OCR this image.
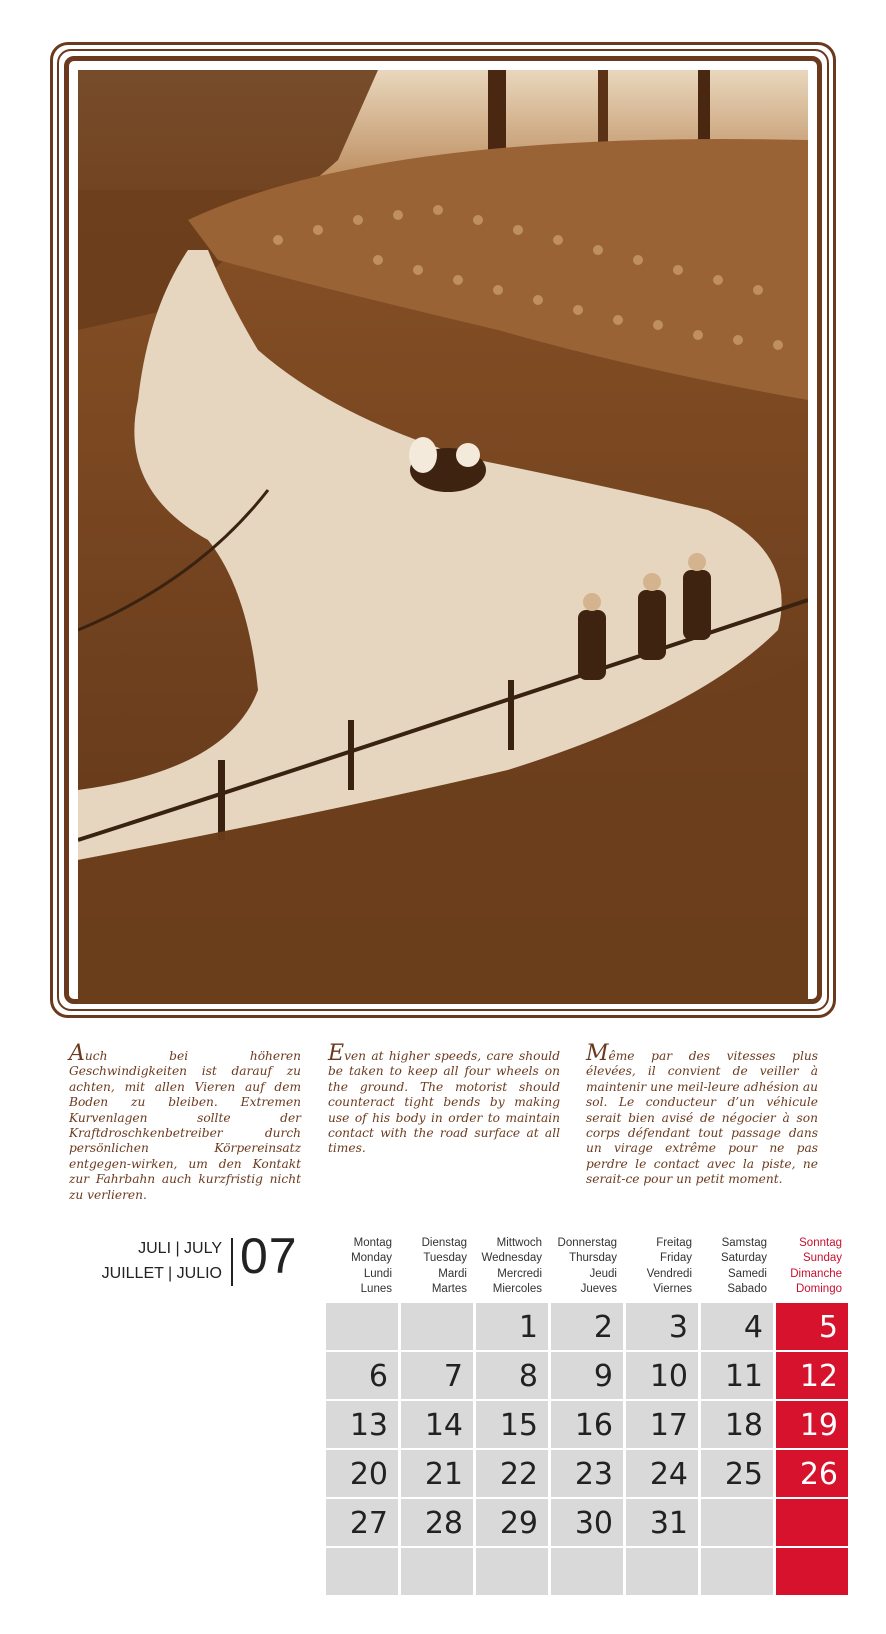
Auch bei höheren Geschwindigkeiten ist darauf zu achten, mit allen Vieren auf dem Boden zu bleiben. Extremen Kurvenlagen sollte der Kraftdroschkenbetreiber durch persönlichen Körpereinsatz entgegen-wirken, um den Kontakt zur Fahrbahn auch kurzfristig nicht zu verlieren.
Even at higher speeds, care should be taken to keep all four wheels on the ground. The motorist should counteract tight bends by making use of his body in order to maintain contact with the road surface at all times.
Même par des vitesses plus élevées, il convient de veiller à maintenir une meil-leure adhésion au sol. Le conducteur d’un véhicule serait bien avisé de négocier à son corps défendant tout passage dans un virage extrême pour ne pas perdre le contact avec la piste, ne serait-ce pour un petit moment.
JULI | JULY
JUILLET | JULIO 07	Montag
Monday
Lundi
Lunes
Dienstag
Tuesday
Mardi
Martes
Mittwoch
Wednesday
Mercredi
Miercoles
Donnerstag
Thursday
Jeudi
Jueves
Freitag
Friday
Vendredi
Viernes
Samstag
Saturday
Samedi
Sabado
Sonntag
Sunday
Dimanche
Domingo
1 2 3 4 5
6 7 8 9 10 11 12
13 14 15 16 17 18 19
20 21 22 23 24 25 26
27 28 29 30 31
